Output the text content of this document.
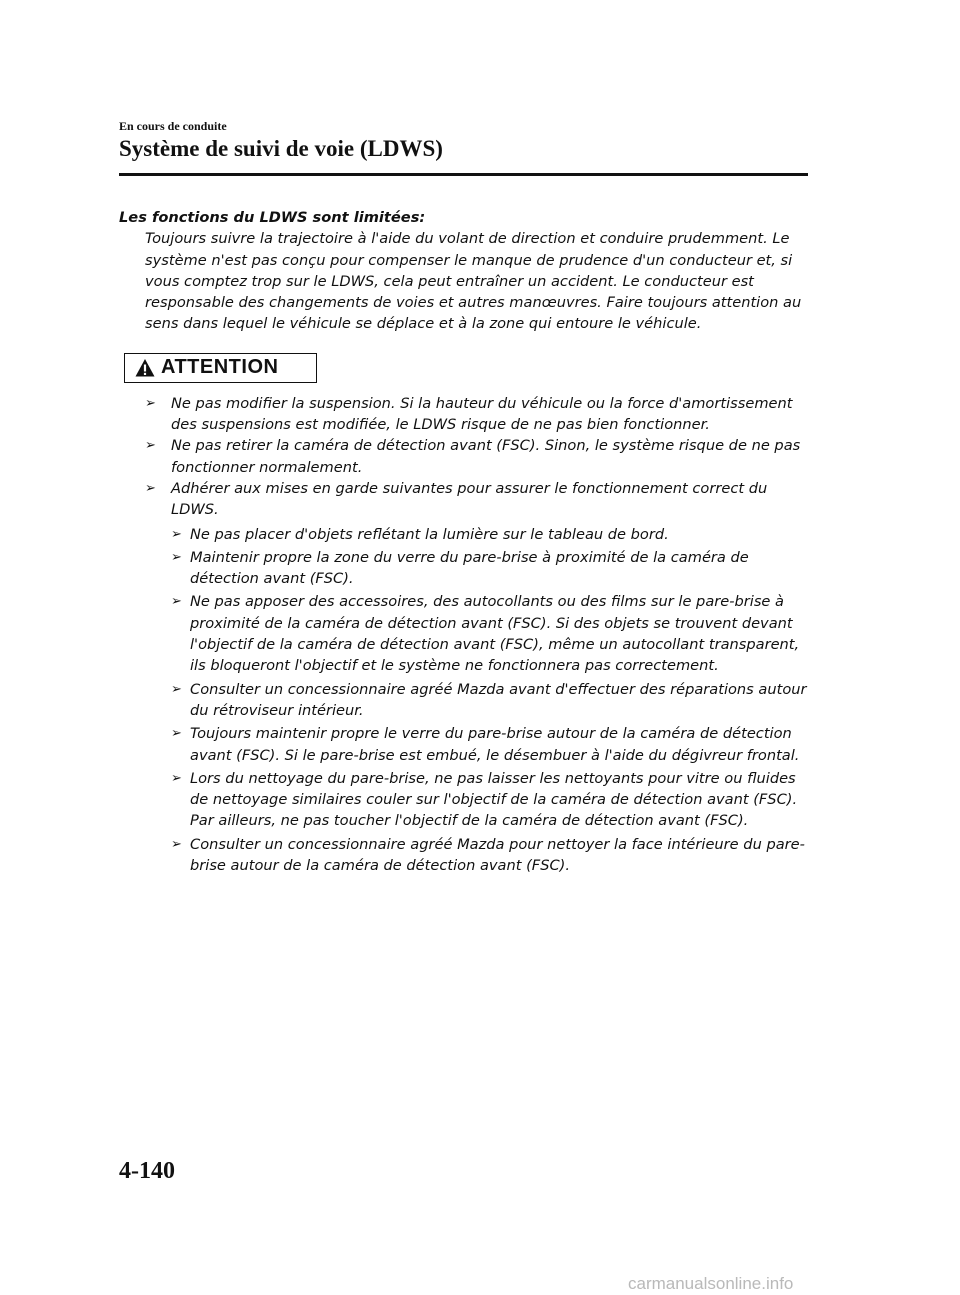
En cours de conduite
Système de suivi de voie (LDWS)

Les fonctions du LDWS sont limitées:

Toujours suivre la trajectoire à l'aide du volant de direction et conduire prudemment. Le système n'est pas conçu pour compenser le manque de prudence d'un conducteur et, si vous comptez trop sur le LDWS, cela peut entraîner un accident. Le conducteur est responsable des changements de voies et autres manœuvres. Faire toujours attention au sens dans lequel le véhicule se déplace et à la zone qui entoure le véhicule.

ATTENTION
➢ Ne pas modifier la suspension. Si la hauteur du véhicule ou la force d'amortissement des suspensions est modifiée, le LDWS risque de ne pas bien fonctionner.
➢ Ne pas retirer la caméra de détection avant (FSC). Sinon, le système risque de ne pas fonctionner normalement.
➢ Adhérer aux mises en garde suivantes pour assurer le fonctionnement correct du LDWS.
➢ Ne pas placer d'objets reflétant la lumière sur le tableau de bord.
➢ Maintenir propre la zone du verre du pare-brise à proximité de la caméra de détection avant (FSC).
➢ Ne pas apposer des accessoires, des autocollants ou des films sur le pare-brise à proximité de la caméra de détection avant (FSC). Si des objets se trouvent devant l'objectif de la caméra de détection avant (FSC), même un autocollant transparent, ils bloqueront l'objectif et le système ne fonctionnera pas correctement.
➢ Consulter un concessionnaire agréé Mazda avant d'effectuer des réparations autour du rétroviseur intérieur.
➢ Toujours maintenir propre le verre du pare-brise autour de la caméra de détection avant (FSC). Si le pare-brise est embué, le désembuer à l'aide du dégivreur frontal.
➢ Lors du nettoyage du pare-brise, ne pas laisser les nettoyants pour vitre ou fluides de nettoyage similaires couler sur l'objectif de la caméra de détection avant (FSC). Par ailleurs, ne pas toucher l'objectif de la caméra de détection avant (FSC).
➢ Consulter un concessionnaire agréé Mazda pour nettoyer la face intérieure du pare-brise autour de la caméra de détection avant (FSC).
4-140
carmanualsonline.info
